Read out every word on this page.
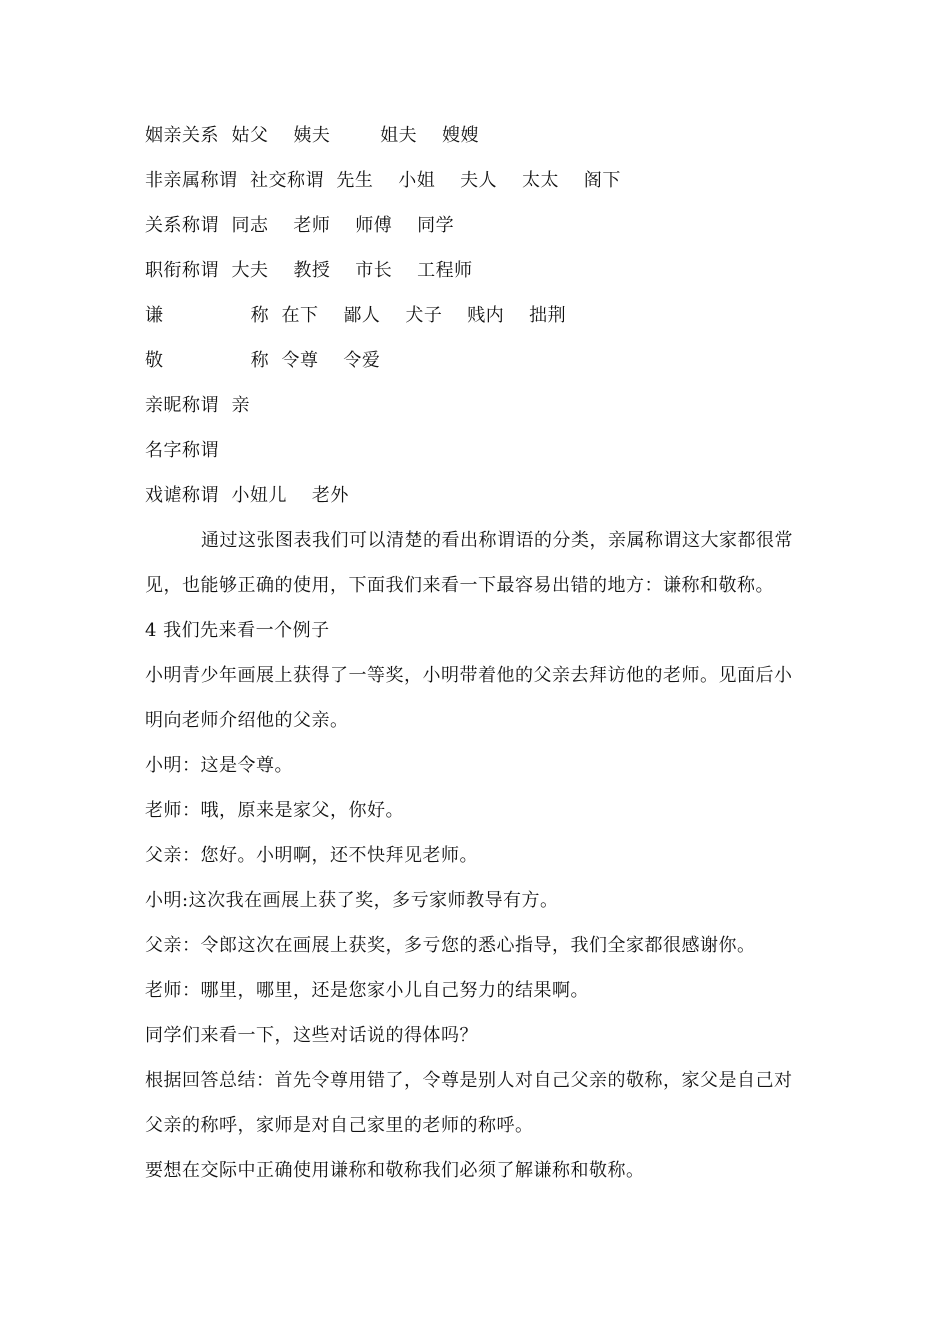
姻亲关系  姑父    姨夫        姐夫    嫂嫂
非亲属称谓  社交称谓  先生    小姐    夫人    太太    阁下
关系称谓  同志    老师    师傅    同学
职衔称谓  大夫    教授    市长    工程师
谦              称  在下    鄙人    犬子    贱内    拙荆
敬              称  令尊    令爱
亲昵称谓  亲
名字称谓
戏谑称谓  小妞儿    老外
通过这张图表我们可以清楚的看出称谓语的分类，亲属称谓这大家都很常
见，也能够正确的使用，下面我们来看一下最容易出错的地方：谦称和敬称。
4 我们先来看一个例子
小明青少年画展上获得了一等奖，小明带着他的父亲去拜访他的老师。见面后小
明向老师介绍他的父亲。
小明：这是令尊。
老师：哦，原来是家父，你好。
父亲：您好。小明啊，还不快拜见老师。
小明:这次我在画展上获了奖，多亏家师教导有方。
父亲：令郎这次在画展上获奖，多亏您的悉心指导，我们全家都很感谢你。
老师：哪里，哪里，还是您家小儿自己努力的结果啊。
同学们来看一下，这些对话说的得体吗？
根据回答总结：首先令尊用错了，令尊是别人对自己父亲的敬称，家父是自己对
父亲的称呼，家师是对自己家里的老师的称呼。
要想在交际中正确使用谦称和敬称我们必须了解谦称和敬称。
